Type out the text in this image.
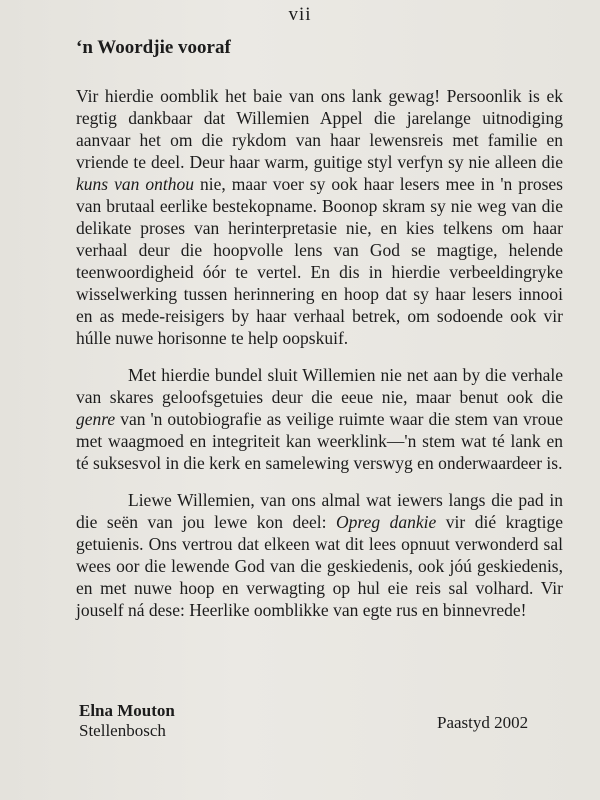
vii
‘n Woordjie vooraf

Vir hierdie oomblik het baie van ons lank gewag! Persoonlik is ek regtig dankbaar dat Willemien Appel die jarelange uitnodiging aanvaar het om die rykdom van haar lewensreis met familie en vriende te deel. Deur haar warm, guitige styl verfyn sy nie alleen die kuns van onthou nie, maar voer sy ook haar lesers mee in 'n proses van brutaal eerlike bestekopname. Boonop skram sy nie weg van die delikate proses van herinterpretasie nie, en kies telkens om haar verhaal deur die hoopvolle lens van God se magtige, helende teenwoordigheid óór te vertel. En dis in hierdie verbeeldingryke wisselwerking tussen herinnering en hoop dat sy haar lesers innooi en as mede-reisigers by haar verhaal betrek, om sodoende ook vir húlle nuwe horisonne te help oopskuif.

Met hierdie bundel sluit Willemien nie net aan by die verhale van skares geloofsgetuies deur die eeue nie, maar benut ook die genre van 'n outobiografie as veilige ruimte waar die stem van vroue met waagmoed en integriteit kan weerklink—'n stem wat té lank en té suksesvol in die kerk en samelewing verswyg en onderwaardeer is.

Liewe Willemien, van ons almal wat iewers langs die pad in die seën van jou lewe kon deel: Opreg dankie vir dié kragtige getuienis. Ons vertrou dat elkeen wat dit lees opnuut verwonderd sal wees oor die lewende God van die geskiedenis, ook jóú geskiedenis, en met nuwe hoop en verwagting op hul eie reis sal volhard. Vir jouself ná dese: Heerlike oomblikke van egte rus en binnevrede!

Elna Mouton
Stellenbosch	Paastyd 2002
